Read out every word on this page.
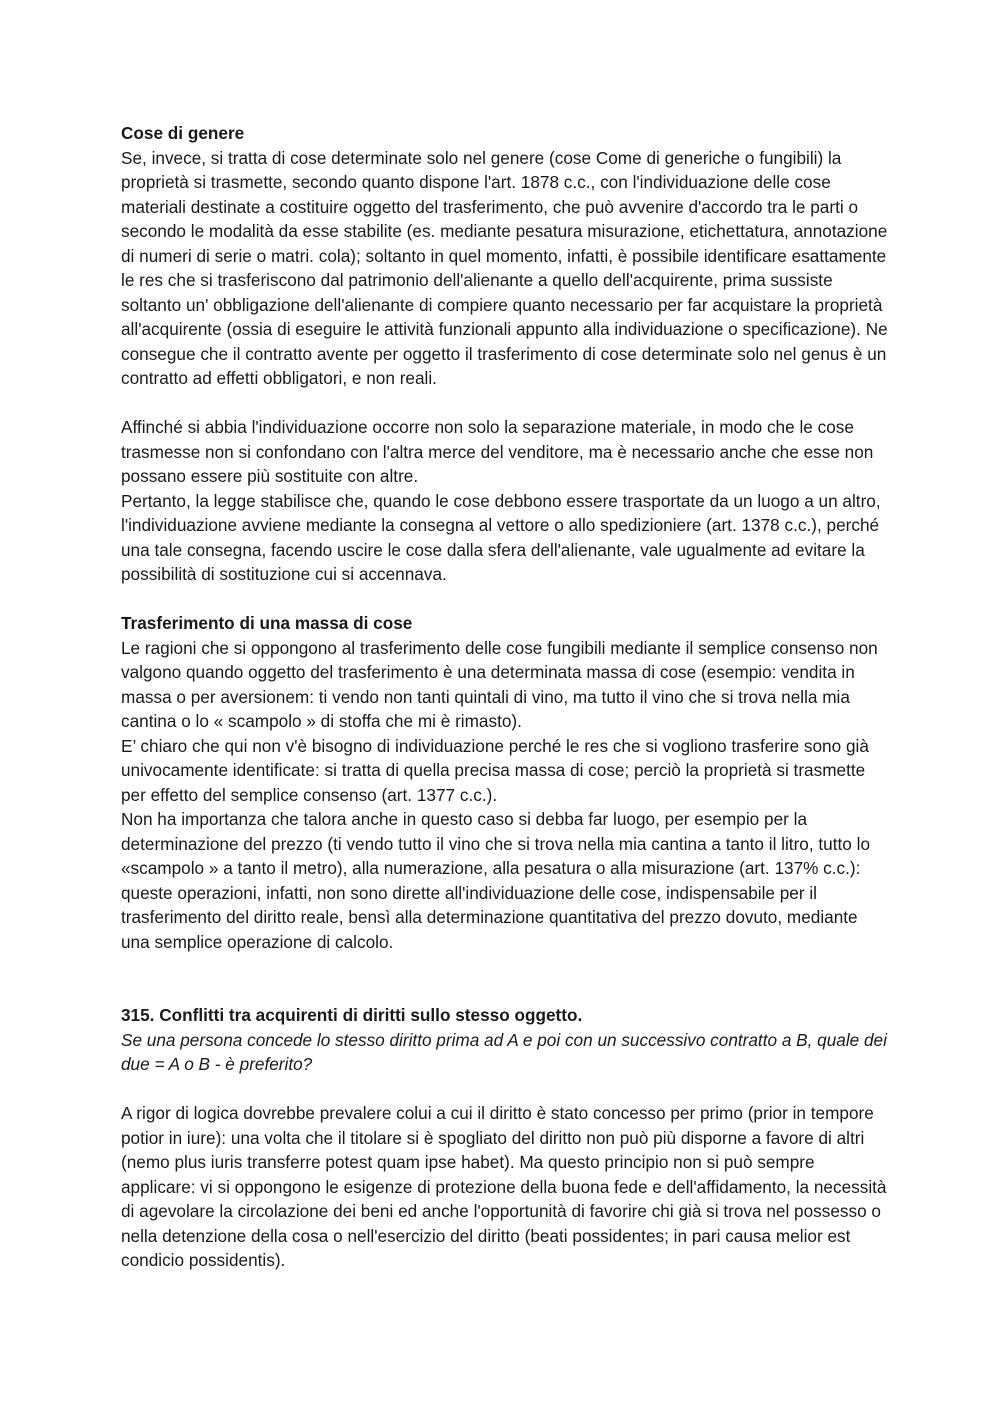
Cose di genere

Se, invece, si tratta di cose determinate solo nel genere (cose Come di generiche o fungibili) la proprietà si trasmette, secondo quanto dispone l'art. 1878 c.c., con l'individuazione delle cose materiali destinate a costituire oggetto del trasferimento, che può avvenire d'accordo tra le parti o secondo le modalità da esse stabilite (es. mediante pesatura misurazione, etichettatura, annotazione di numeri di serie o matri. cola); soltanto in quel momento, infatti, è possibile identificare esattamente le res che si trasferiscono dal patrimonio dell'alienante a quello dell'acquirente, prima sussiste soltanto un' obbligazione dell'alienante di compiere quanto necessario per far acquistare la proprietà all'acquirente (ossia di eseguire le attività funzionali appunto alla individuazione o specificazione). Ne consegue che il contratto avente per oggetto il trasferimento di cose determinate solo nel genus è un contratto ad effetti obbligatori, e non reali.

Affinché si abbia l'individuazione occorre non solo la separazione materiale, in modo che le cose trasmesse non si confondano con l'altra merce del venditore, ma è necessario anche che esse non possano essere più sostituite con altre.

Pertanto, la legge stabilisce che, quando le cose debbono essere trasportate da un luogo a un altro, l'individuazione avviene mediante la consegna al vettore o allo spedizioniere (art. 1378 c.c.), perché una tale consegna, facendo uscire le cose dalla sfera dell'alienante, vale ugualmente ad evitare la possibilità di sostituzione cui si accennava.

Trasferimento di una massa di cose

Le ragioni che si oppongono al trasferimento delle cose fungibili mediante il semplice consenso non valgono quando oggetto del trasferimento è una determinata massa di cose (esempio: vendita in massa o per aversionem: ti vendo non tanti quintali di vino, ma tutto il vino che si trova nella mia cantina o lo « scampolo » di stoffa che mi è rimasto).

E’ chiaro che qui non v'è bisogno di individuazione perché le res che si vogliono trasferire sono già univocamente identificate: si tratta di quella precisa massa di cose; perciò la proprietà si trasmette per effetto del semplice consenso (art. 1377 c.c.).

Non ha importanza che talora anche in questo caso si debba far luogo, per esempio per la determinazione del prezzo (ti vendo tutto il vino che si trova nella mia cantina a tanto il litro, tutto lo «scampolo » a tanto il metro), alla numerazione, alla pesatura o alla misurazione (art. 137% c.c.): queste operazioni, infatti, non sono dirette all'individuazione delle cose, indispensabile per il trasferimento del diritto reale, bensì alla determinazione quantitativa del prezzo dovuto, mediante una semplice operazione di calcolo.

315. Conflitti tra acquirenti di diritti sullo stesso oggetto.

Se una persona concede lo stesso diritto prima ad A e poi con un successivo contratto a B, quale dei due = A o B - è preferito?

A rigor di logica dovrebbe prevalere colui a cui il diritto è stato concesso per primo (prior in tempore potior in iure): una volta che il titolare si è spogliato del diritto non può più disporne a favore di altri (nemo plus iuris transferre potest quam ipse habet). Ma questo principio non si può sempre applicare: vi si oppongono le esigenze di protezione della buona fede e dell'affidamento, la necessità di agevolare la circolazione dei beni ed anche l'opportunità di favorire chi già si trova nel possesso o nella detenzione della cosa o nell'esercizio del diritto (beati possidentes; in pari causa melior est condicio possidentis).
